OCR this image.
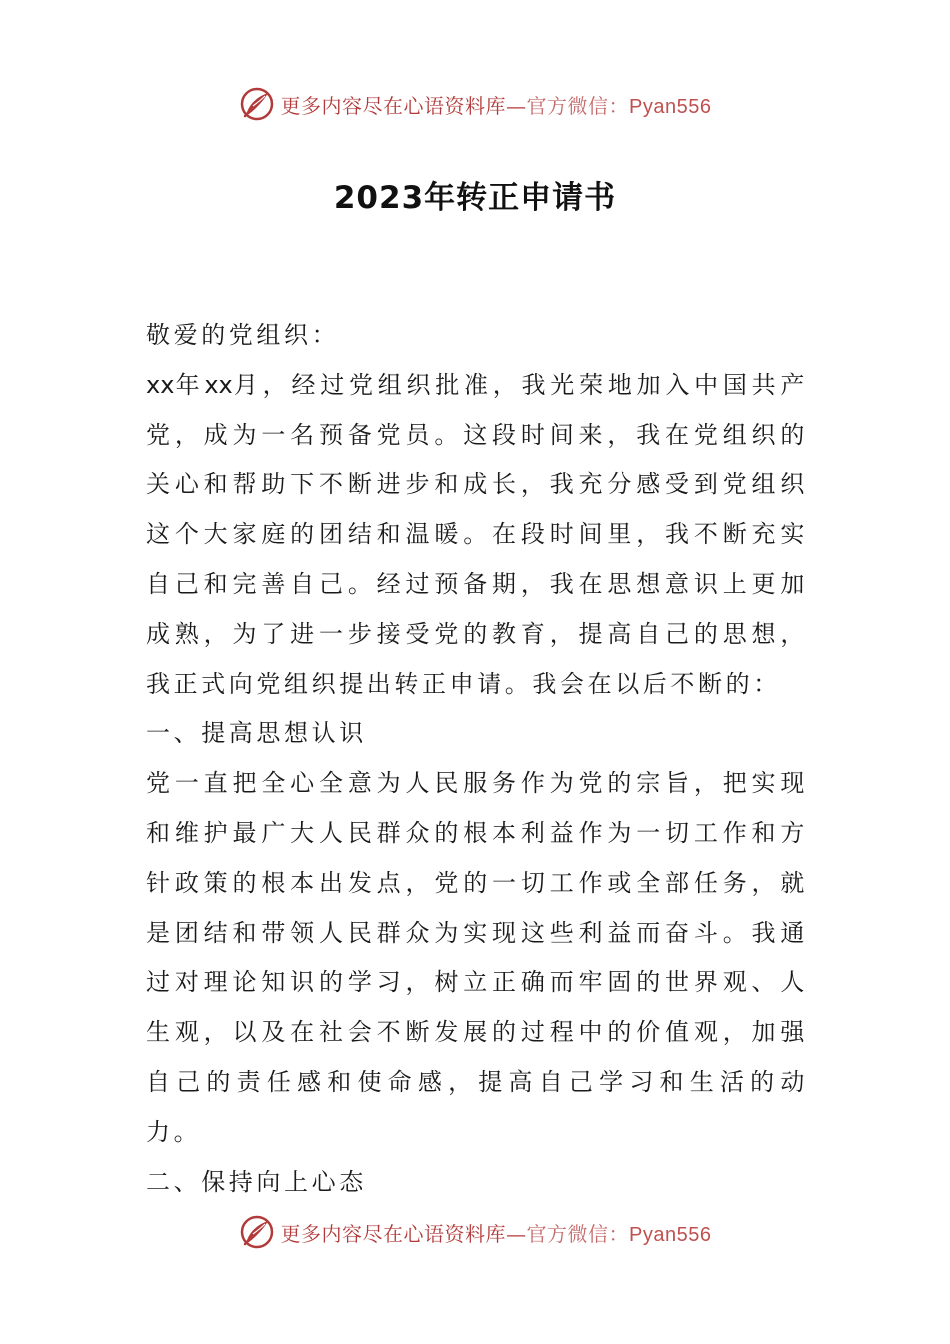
更多内容尽在心语资料库—官方微信：Pyan556
2023年转正申请书

敬爱的党组织：

xx年xx月，经过党组织批准，我光荣地加入中国共产党，成为一名预备党员。这段时间来，我在党组织的关心和帮助下不断进步和成长，我充分感受到党组织这个大家庭的团结和温暖。在段时间里，我不断充实自己和完善自己。经过预备期，我在思想意识上更加成熟，为了进一步接受党的教育，提高自己的思想，我正式向党组织提出转正申请。我会在以后不断的：

一、提高思想认识

党一直把全心全意为人民服务作为党的宗旨，把实现和维护最广大人民群众的根本利益作为一切工作和方针政策的根本出发点，党的一切工作或全部任务，就是团结和带领人民群众为实现这些利益而奋斗。我通过对理论知识的学习，树立正确而牢固的世界观、人生观，以及在社会不断发展的过程中的价值观，加强自己的责任感和使命感，提高自己学习和生活的动力。

二、保持向上心态

更多内容尽在心语资料库—官方微信：Pyan556
